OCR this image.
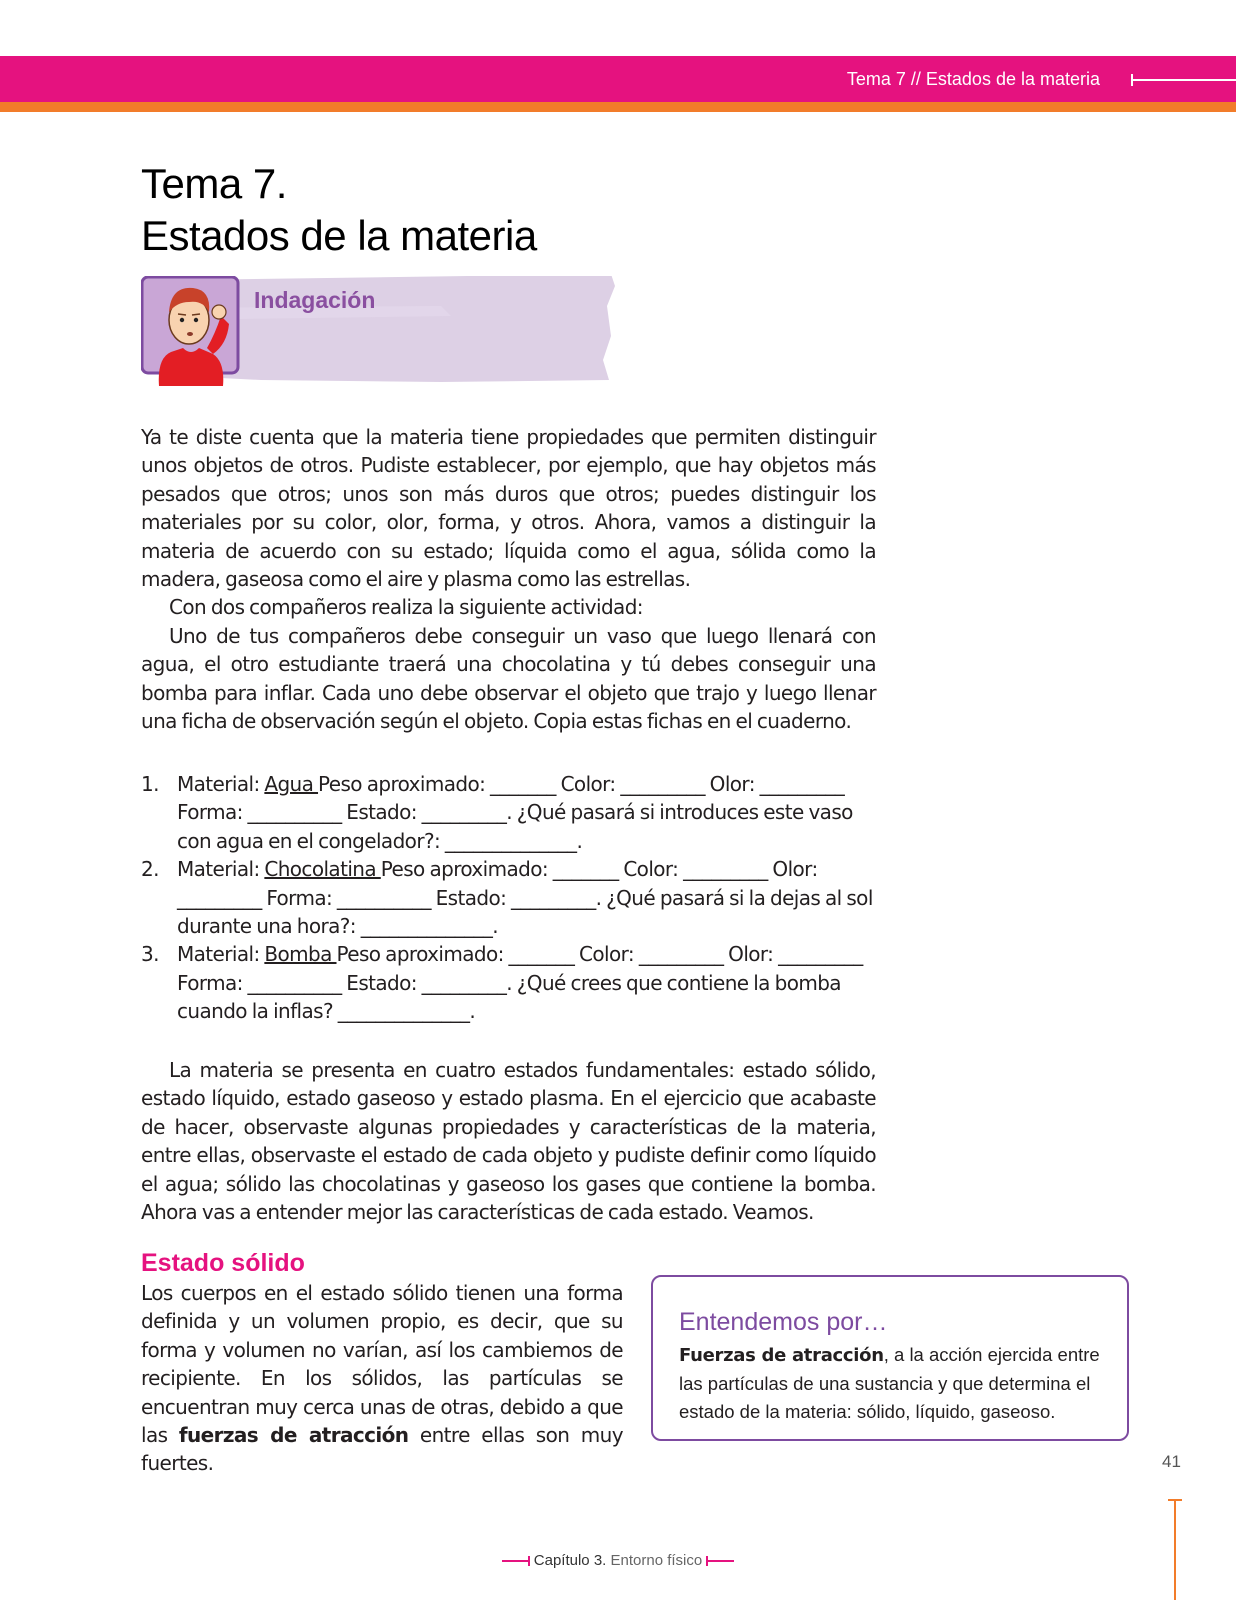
Tema 7 // Estados de la materia
Tema 7.
Estados de la materia
Indagación

Ya te diste cuenta que la materia tiene propiedades que permiten distinguir unos objetos de otros. Pudiste establecer, por ejemplo, que hay objetos más pesados que otros; unos son más duros que otros; puedes distinguir los materiales por su color, olor, forma, y otros. Ahora, vamos a distinguir la materia de acuerdo con su estado; líquida como el agua, sólida como la madera, gaseosa como el aire y plasma como las estrellas.

Con dos compañeros realiza la siguiente actividad:

Uno de tus compañeros debe conseguir un vaso que luego llenará con agua, el otro estudiante traerá una chocolatina y tú debes conseguir una bomba para inflar. Cada uno debe observar el objeto que trajo y luego llenar una ficha de observación según el objeto. Copia estas fichas en el cuaderno.

1. Material: Agua Peso aproximado: _______ Color: _________ Olor: _________ Forma: __________ Estado: _________. ¿Qué pasará si introduces este vaso con agua en el congelador?: ______________.
2. Material: Chocolatina Peso aproximado: _______ Color: _________ Olor: _________ Forma: __________ Estado: _________. ¿Qué pasará si la dejas al sol durante una hora?: ______________.
3. Material: Bomba Peso aproximado: _______ Color: _________ Olor: _________ Forma: __________ Estado: _________. ¿Qué crees que contiene la bomba cuando la inflas? ______________.

La materia se presenta en cuatro estados fundamentales: estado sólido, estado líquido, estado gaseoso y estado plasma. En el ejercicio que acabaste de hacer, observaste algunas propiedades y características de la materia, entre ellas, observaste el estado de cada objeto y pudiste definir como líquido el agua; sólido las chocolatinas y gaseoso los gases que contiene la bomba. Ahora vas a entender mejor las características de cada estado. Veamos.

Estado sólido

Los cuerpos en el estado sólido tienen una forma definida y un volumen propio, es decir, que su forma y volumen no varían, así los cambiemos de recipiente. En los sólidos, las partículas se encuentran muy cerca unas de otras, debido a que las fuerzas de atracción entre ellas son muy fuertes.

Entendemos por…

Fuerzas de atracción, a la acción ejercida entre las partículas de una sustancia y que determina el estado de la materia: sólido, líquido, gaseoso.

41
Capítulo 3. Entorno físico
